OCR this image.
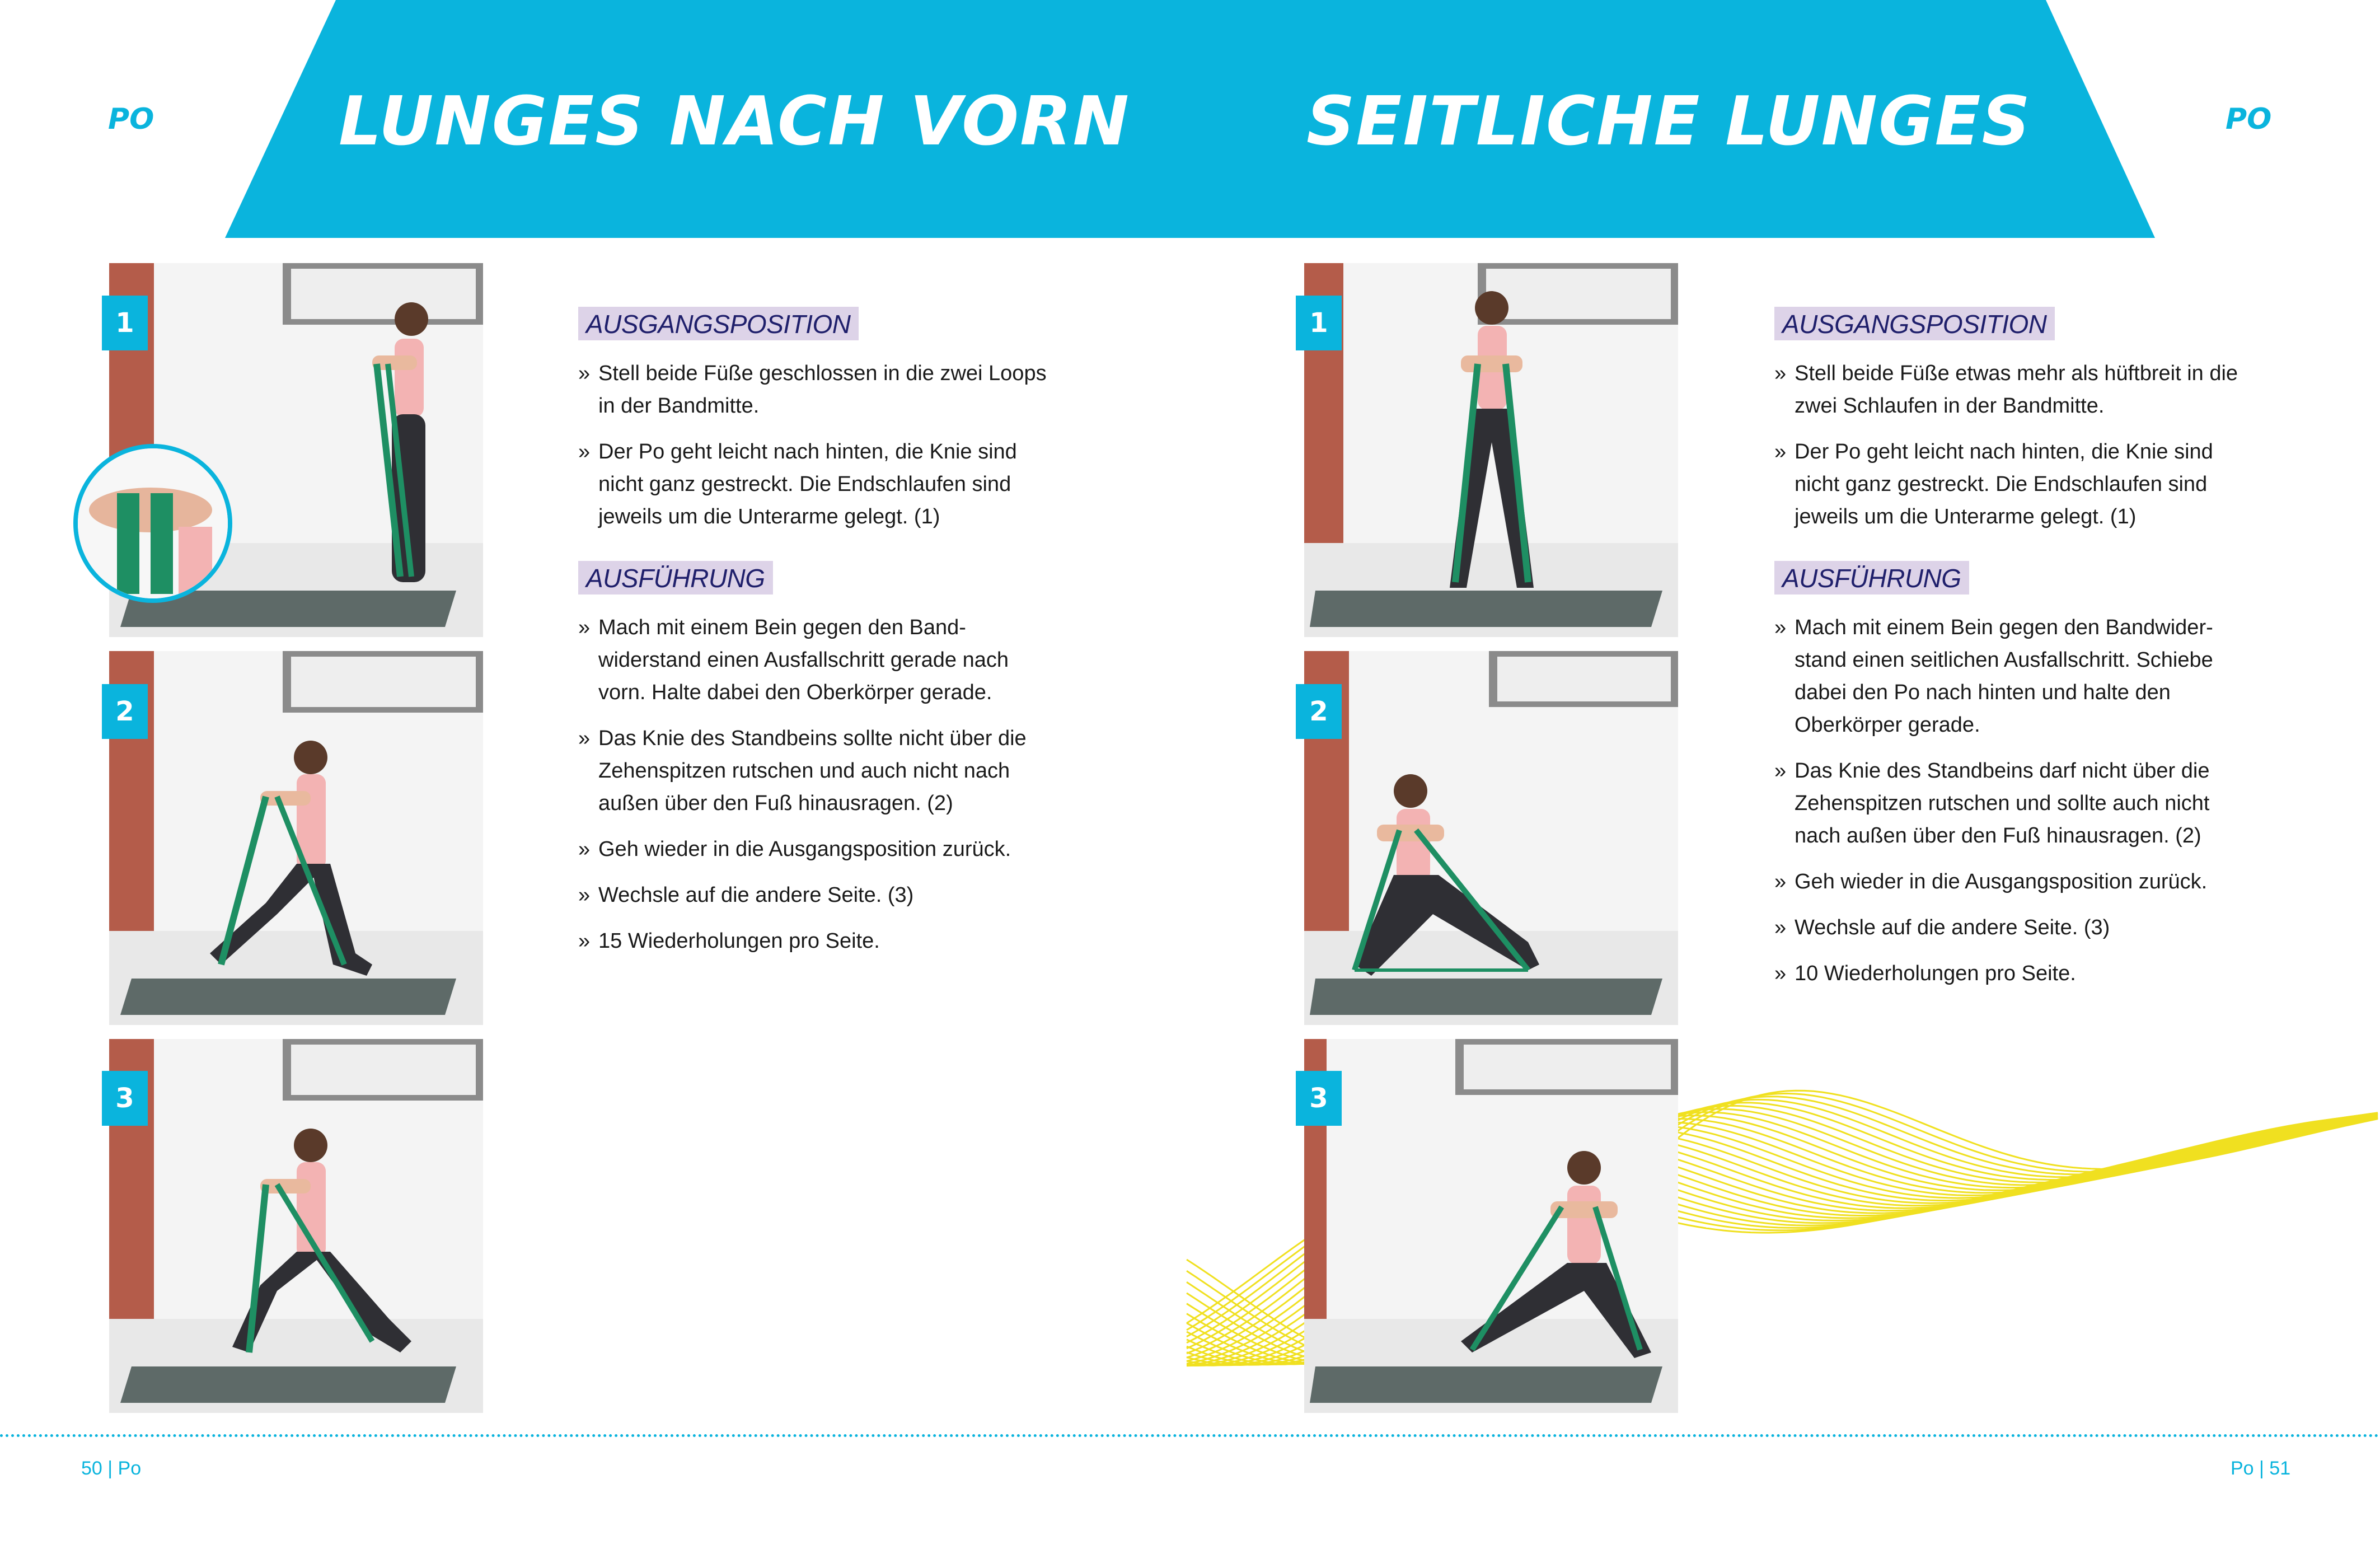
PO	PO
LUNGES NACH VORN	SEITLICHE LUNGES
1
2
3
1
2
3
AUSGANGSPOSITION
» Stell beide Füße geschlossen in die zwei Loops in der Bandmitte.
» Der Po geht leicht nach hinten, die Knie sind nicht ganz gestreckt. Die Endschlaufen sind jeweils um die Unterarme gelegt. (1)
AUSFÜHRUNG
» Mach mit einem Bein gegen den Bandwiderstand einen Ausfallschritt gerade nach vorn. Halte dabei den Oberkörper gerade.
» Das Knie des Standbeins sollte nicht über die Zehenspitzen rutschen und auch nicht nach außen über den Fuß hinausragen. (2)
» Geh wieder in die Ausgangsposition zurück.
» Wechsle auf die andere Seite. (3)
» 15 Wiederholungen pro Seite.
AUSGANGSPOSITION
» Stell beide Füße etwas mehr als hüftbreit in die zwei Schlaufen in der Bandmitte.
» Der Po geht leicht nach hinten, die Knie sind nicht ganz gestreckt. Die Endschlaufen sind jeweils um die Unterarme gelegt. (1)
AUSFÜHRUNG
» Mach mit einem Bein gegen den Bandwiderstand einen seitlichen Ausfallschritt. Schiebe dabei den Po nach hinten und halte den Oberkörper gerade.
» Das Knie des Standbeins darf nicht über die Zehenspitzen rutschen und sollte auch nicht nach außen über den Fuß hinausragen. (2)
» Geh wieder in die Ausgangsposition zurück.
» Wechsle auf die andere Seite. (3)
» 10 Wiederholungen pro Seite.
50 | Po	Po | 51
